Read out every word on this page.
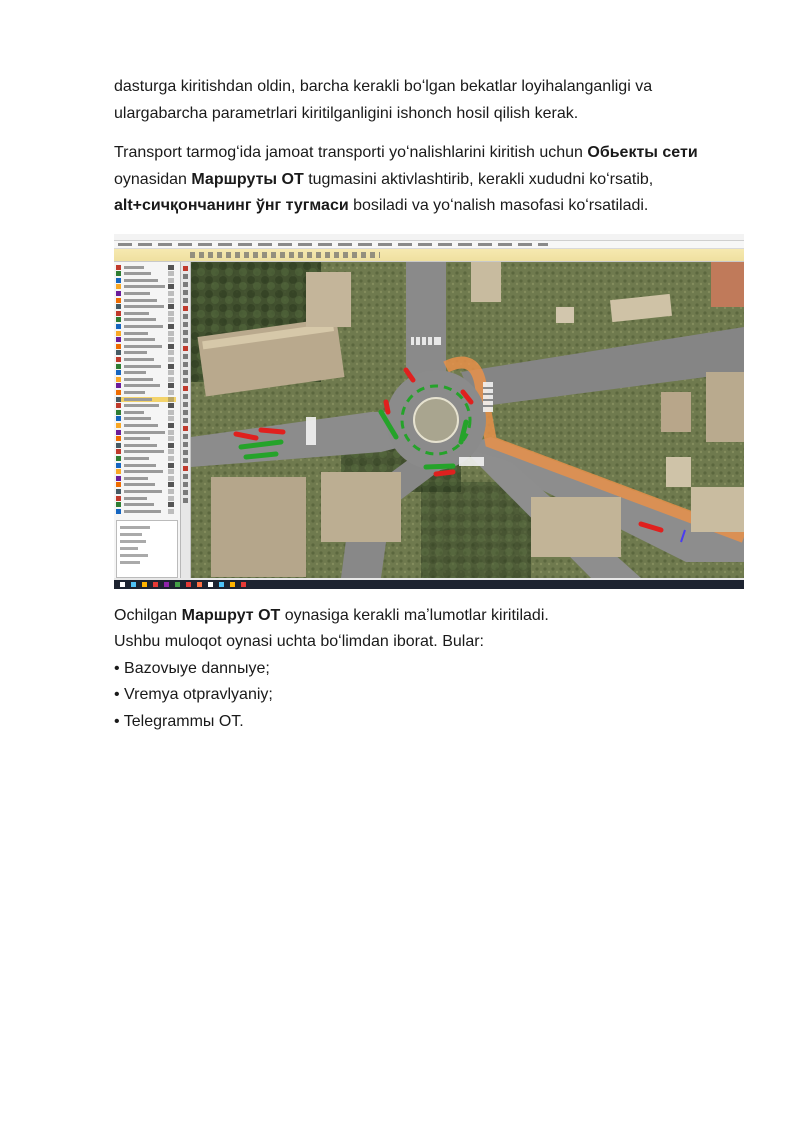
dasturga kiritishdan oldin, barcha kerakli boʻlgan bekatlar loyihalanganligi va ulargabarcha parametrlari kiritilganligini ishonch hosil qilish kerak.

Transport tarmogʻida jamoat transporti yoʻnalishlarini kiritish uchun Обьекты сети oynasidan Маршруты ОТ tugmasini aktivlashtirib, kerakli xududni koʻrsatib, alt+сичқончанинг ўнг тугмаси bosiladi va yoʻnalish masofasi koʻrsatiladi.

Ochilgan Маршрут ОТ oynasiga kerakli maʼlumotlar kiritiladi.

Ushbu muloqot oynasi uchta boʻlimdan iborat. Bular:

• Bazovыye dannыye;

• Vremya otpravlyaniy;

• Telegrammы OT.
